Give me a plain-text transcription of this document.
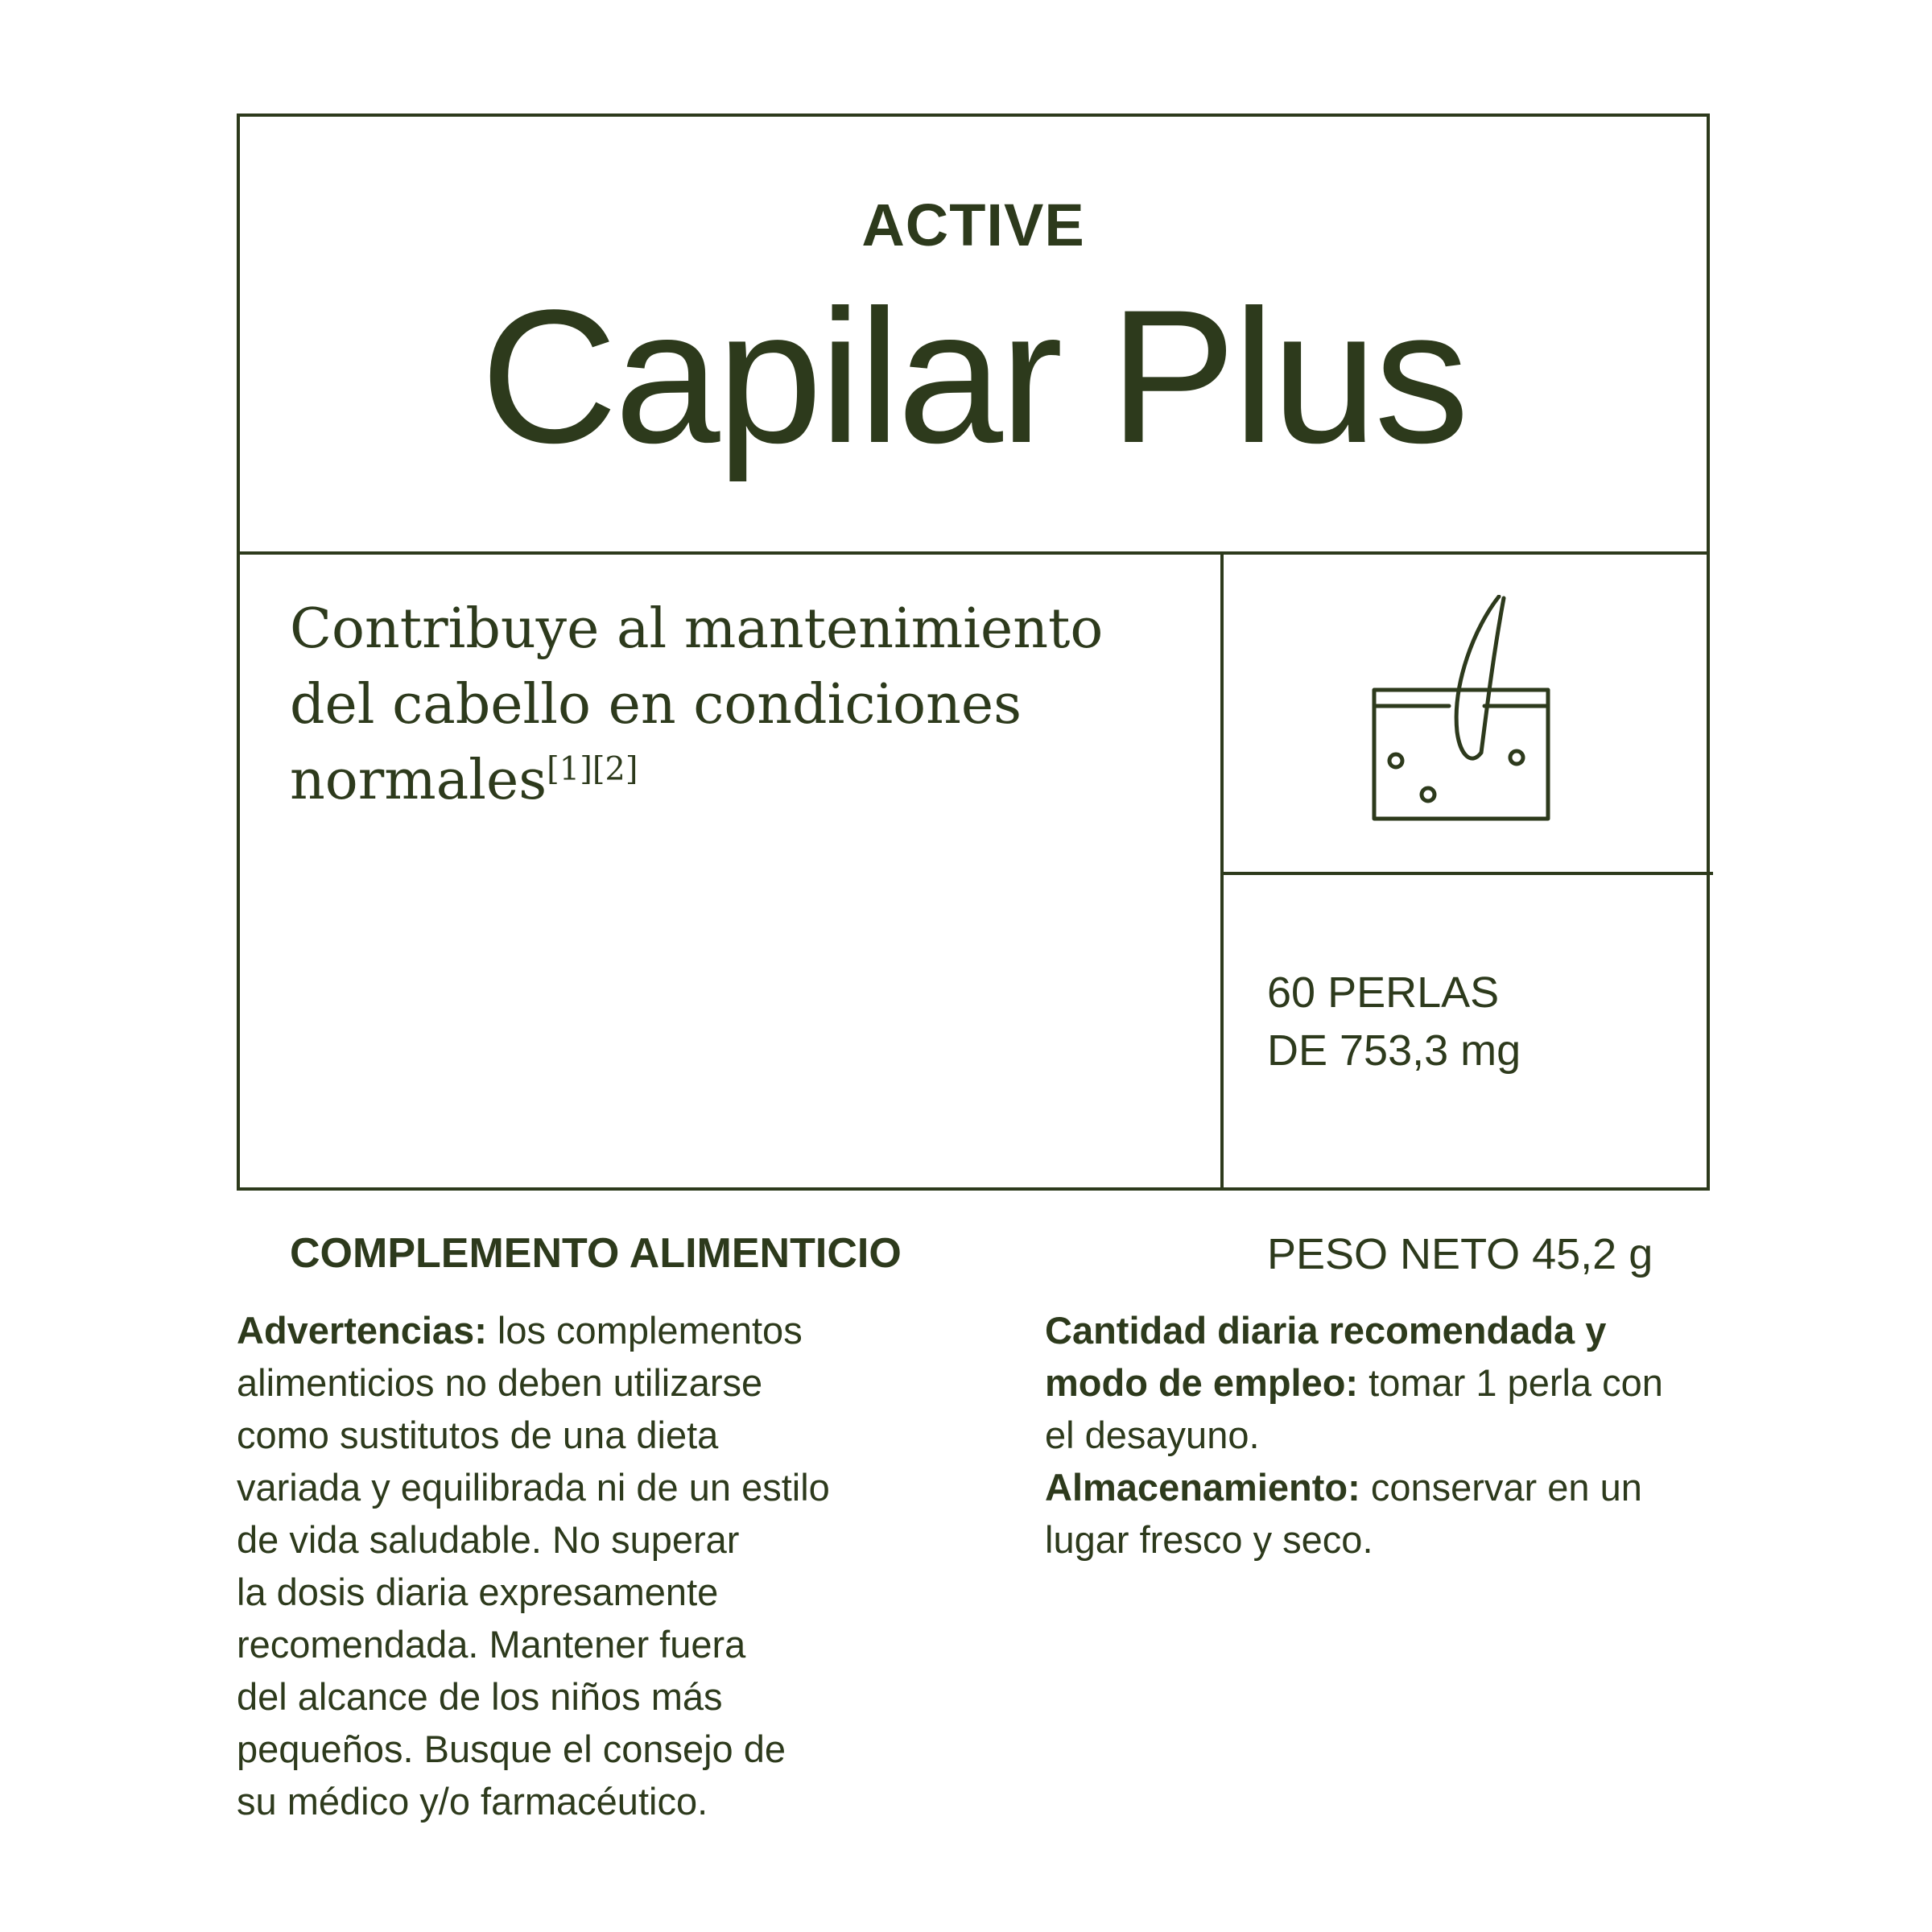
ACTIVE
Capilar Plus
Contribuye al mantenimiento
del cabello en condiciones
normales[1][2]
COMPLEMENTO ALIMENTICIO
60 PERLAS
DE 753,3 mg
PESO NETO 45,2 g
Advertencias: los complementos
alimenticios no deben utilizarse
como sustitutos de una dieta
variada y equilibrada ni de un estilo
de vida saludable. No superar
la dosis diaria expresamente
recomendada. Mantener fuera
del alcance de los niños más
pequeños. Busque el consejo de
su médico y/o farmacéutico.
Cantidad diaria recomendada y
modo de empleo: tomar 1 perla con
el desayuno.
Almacenamiento: conservar en un
lugar fresco y seco.
